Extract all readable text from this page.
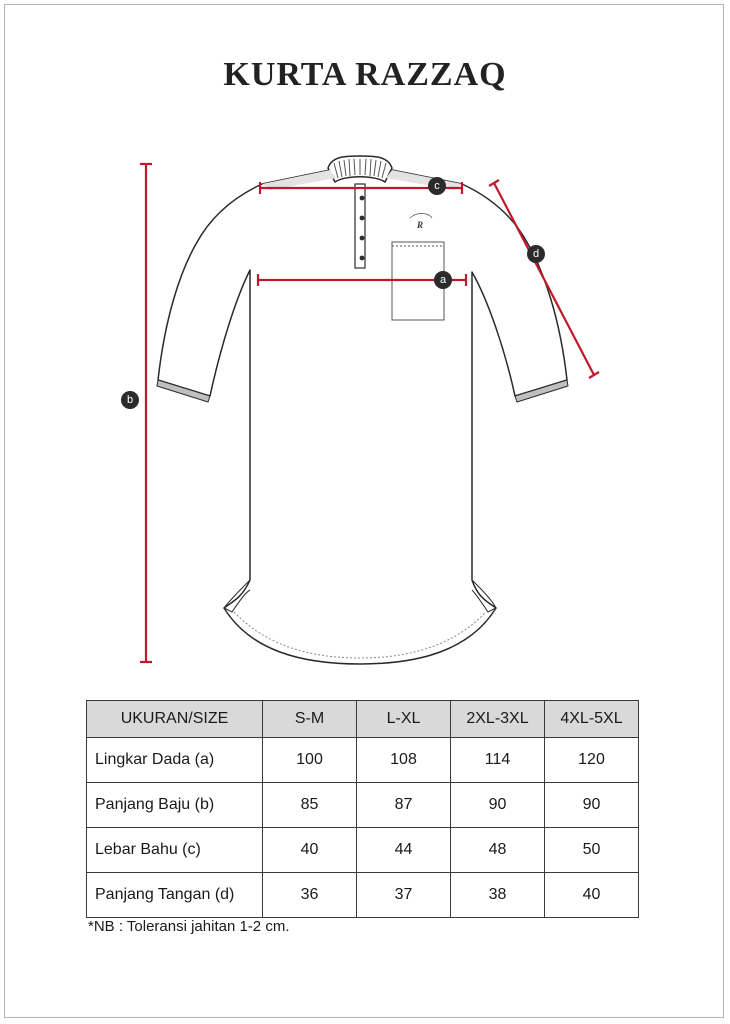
KURTA RAZZAQ
R
b
c
a
d
UKURAN/SIZE	S-M	L-XL	2XL-3XL	4XL-5XL
Lingkar Dada (a)	100	108	114	120
Panjang Baju (b)	85	87	90	90
Lebar Bahu (c)	40	44	48	50
Panjang Tangan (d)	36	37	38	40
*NB : Toleransi jahitan 1-2 cm.
